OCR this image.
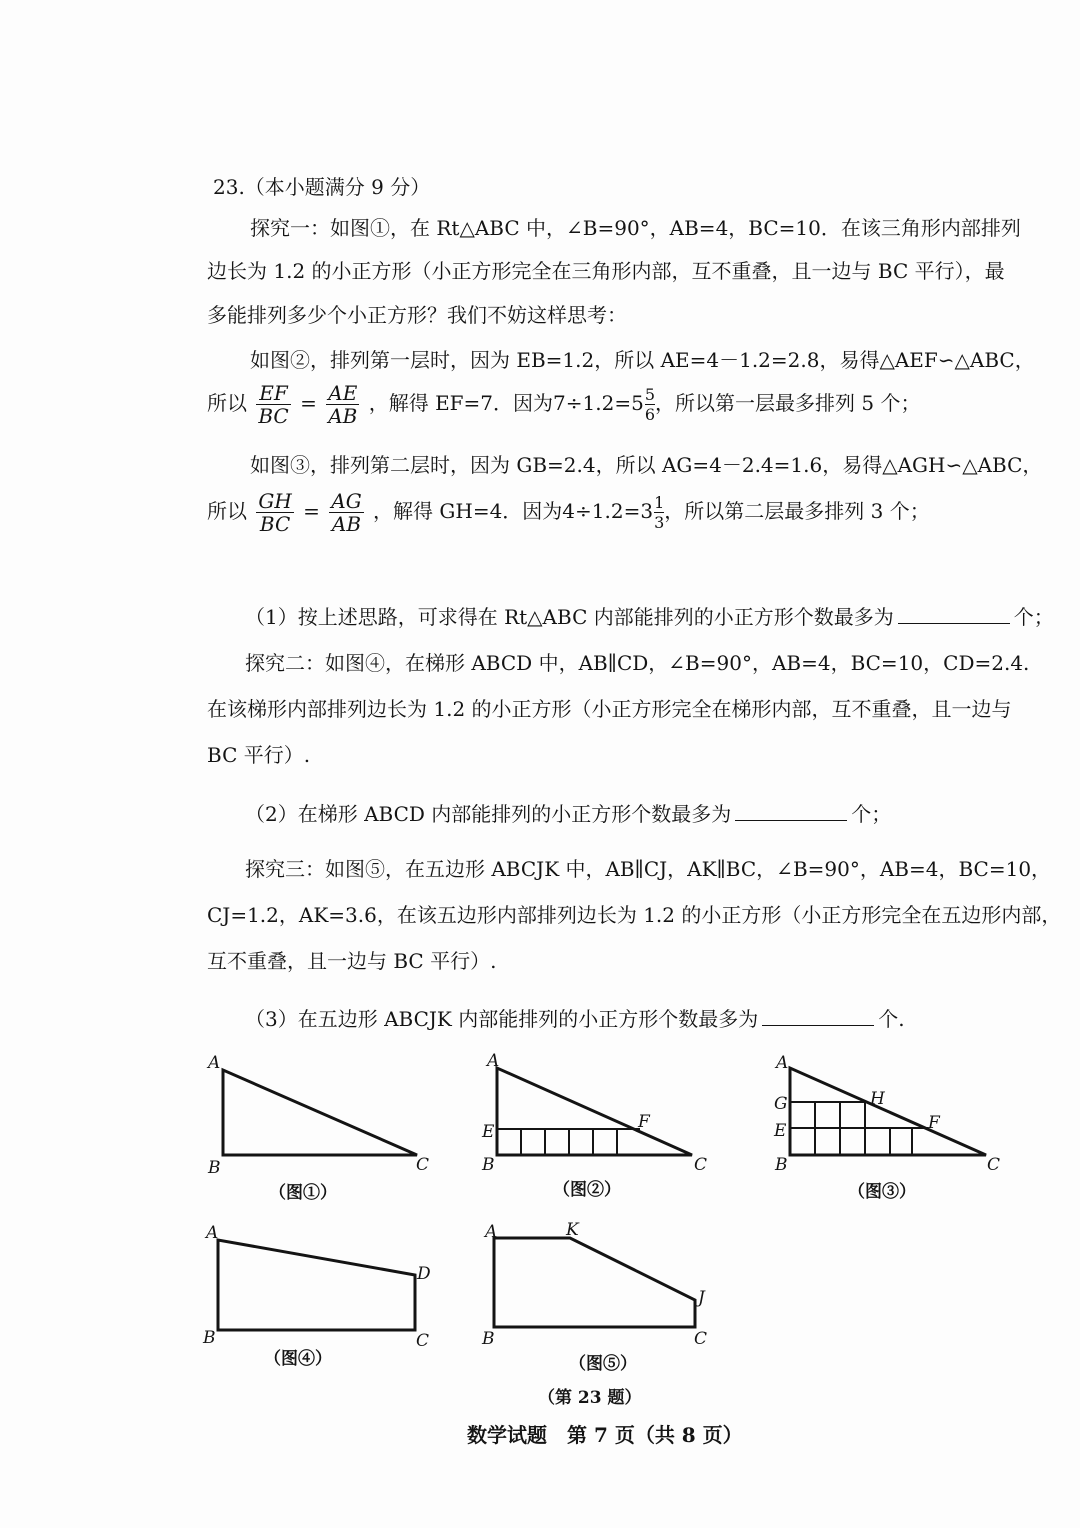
23.（本小题满分 9 分）
探究一：如图①，在 Rt△ABC 中，∠B=90°，AB=4，BC=10．在该三角形内部排列
边长为 1.2 的小正方形（小正方形完全在三角形内部，互不重叠，且一边与 BC 平行），最
多能排列多少个小正方形？我们不妨这样思考：
如图②，排列第一层时，因为 EB=1.2，所以 AE=4－1.2=2.8，易得△AEF∽△ABC，
所以 $\frac{EF}{BC} = \frac{AE}{AB}$ ，解得 EF=7．因为$7\div 1.2=5 \frac{5}{6}$ ，所以第一层最多排列 5 个；
如图③，排列第二层时，因为 GB=2.4，所以 AG=4－2.4=1.6，易得△AGH∽△ABC，
所以 $\frac{GH}{BC} = \frac{AG}{AB}$ ，解得 GH=4．因为$4\div 1.2=3 \frac{1}{3}$ ，所以第二层最多排列 3 个；
（1）按上述思路，可求得在 Rt△ABC 内部能排列的小正方形个数最多为	个；
探究二：如图④，在梯形 ABCD 中，AB∥CD，∠B=90°，AB=4，BC=10，CD=2.4.
在该梯形内部排列边长为 1.2 的小正方形（小正方形完全在梯形内部，互不重叠，且一边与
BC 平行）.
（2）在梯形 ABCD 内部能排列的小正方形个数最多为	个；
探究三：如图⑤，在五边形 ABCJK 中，AB∥CJ，AK∥BC，∠B=90°，AB=4，BC=10，
CJ=1.2，AK=3.6，在该五边形内部排列边长为 1.2 的小正方形（小正方形完全在五边形内部，
互不重叠，且一边与 BC 平行）.
（3）在五边形 ABCJK 内部能排列的小正方形个数最多为	个.
A
B	C
A
E	F
B	C
A
G	H
E	F
B	C
A
D
B	C
A	K
J
B	C
（图①）	（图②）	（图③）
（图④）	（图⑤）
（第 23 题）
数学试题　第 7 页（共 8 页）
